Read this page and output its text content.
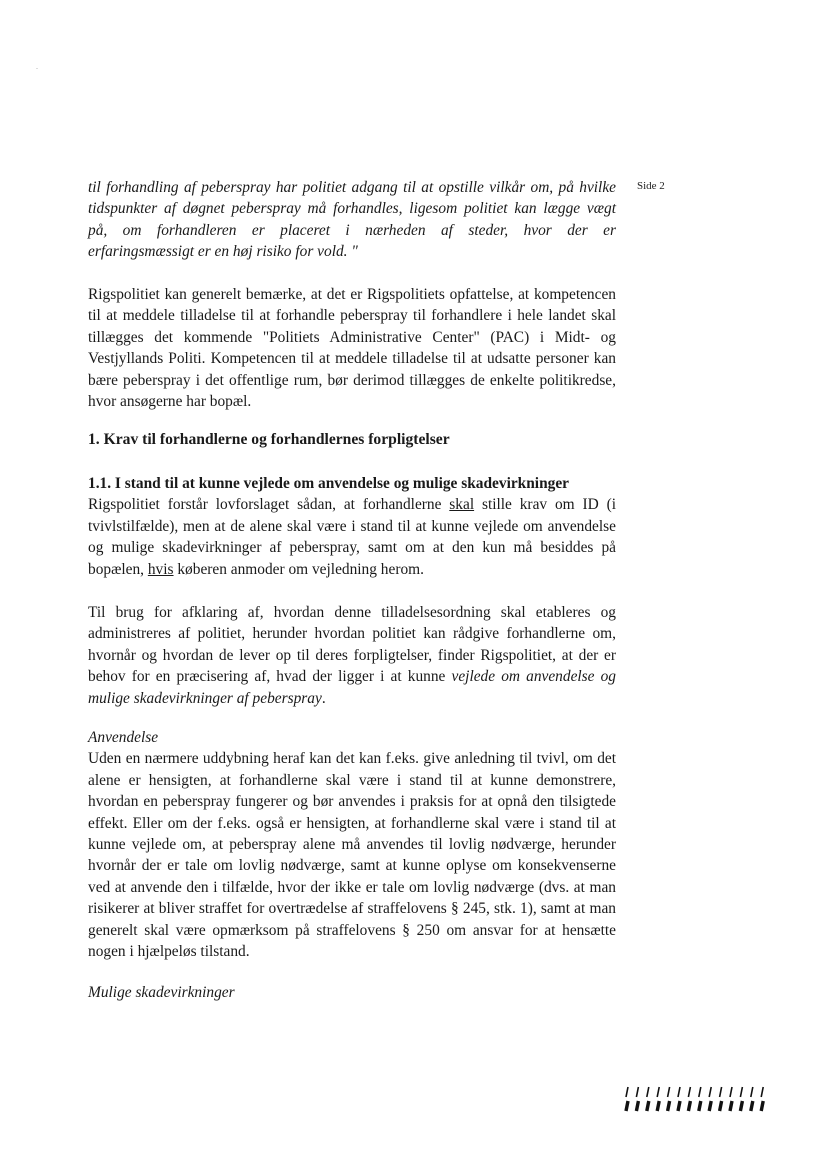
Side 2

til forhandling af peberspray har politiet adgang til at opstille vilkår om, på hvilke

tidspunkter af døgnet peberspray må forhandles, ligesom politiet kan lægge vægt

på, om forhandleren er placeret i nærheden af steder, hvor der er

erfaringsmæssigt er en høj risiko for vold. "

Rigspolitiet kan generelt bemærke, at det er Rigspolitiets opfattelse, at kompetencen til at meddele tilladelse til at forhandle peberspray til forhandlere i hele landet skal tillægges det kommende "Politiets Administrative Center" (PAC) i Midt- og Vestjyllands Politi. Kompetencen til at meddele tilladelse til at udsatte personer kan bære peberspray i det offentlige rum, bør derimod tillægges de enkelte politikredse, hvor ansøgerne har bopæl.

1. Krav til forhandlerne og forhandlernes forpligtelser
1.1. I stand til at kunne vejlede om anvendelse og mulige skadevirkninger

Rigspolitiet forstår lovforslaget sådan, at forhandlerne skal stille krav om ID (i tvivlstilfælde), men at de alene skal være i stand til at kunne vejlede om anvendelse og mulige skadevirkninger af peberspray, samt om at den kun må besiddes på bopælen, hvis køberen anmoder om vejledning herom.

Til brug for afklaring af, hvordan denne tilladelsesordning skal etableres og administreres af politiet, herunder hvordan politiet kan rådgive forhandlerne om, hvornår og hvordan de lever op til deres forpligtelser, finder Rigspolitiet, at der er behov for en præcisering af, hvad der ligger i at kunne vejlede om anvendelse og mulige skadevirkninger af peberspray.

Anvendelse

Uden en nærmere uddybning heraf kan det kan f.eks. give anledning til tvivl, om det alene er hensigten, at forhandlerne skal være i stand til at kunne demonstrere, hvordan en peberspray fungerer og bør anvendes i praksis for at opnå den tilsigtede effekt. Eller om der f.eks. også er hensigten, at forhandlerne skal være i stand til at kunne vejlede om, at peberspray alene må anvendes til lovlig nødværge, herunder hvornår der er tale om lovlig nødværge, samt at kunne oplyse om konsekvenserne ved at anvende den i tilfælde, hvor der ikke er tale om lovlig nødværge (dvs. at man risikerer at bliver straffet for overtrædelse af straffelovens § 245, stk. 1), samt at man generelt skal være opmærksom på straffelovens § 250 om ansvar for at hensætte nogen i hjælpeløs tilstand.

Mulige skadevirkninger
